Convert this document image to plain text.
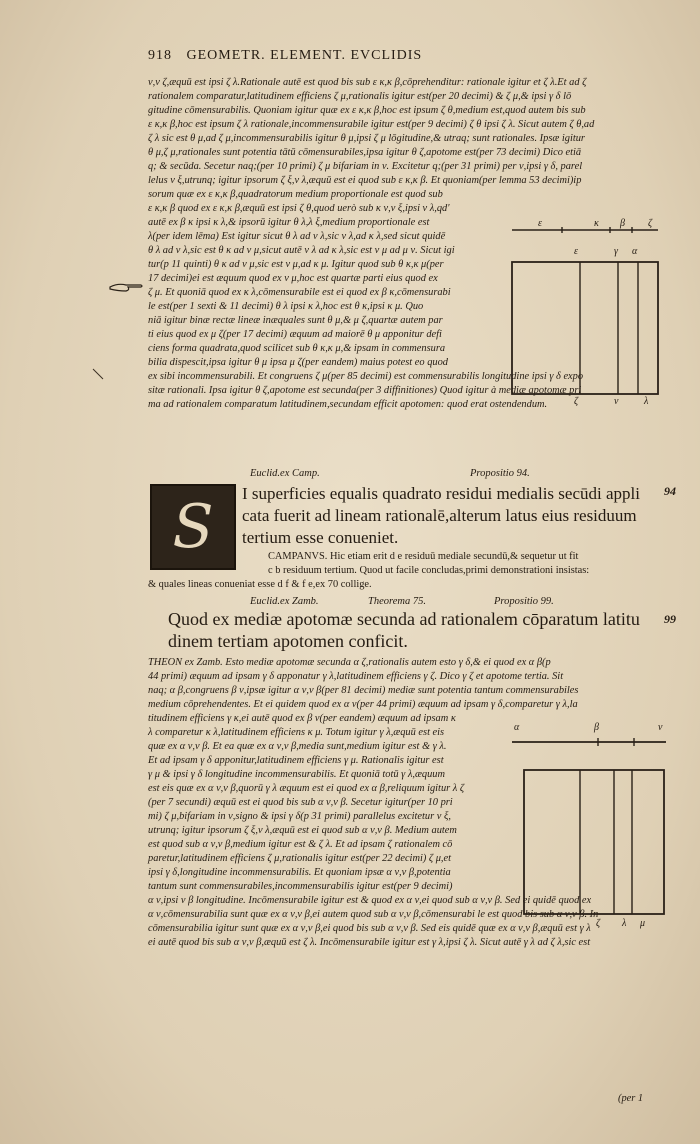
918 GEOMETR. ELEMENT. EVCLIDIS
ν,ν ζ,æquū est ipsi ζ λ.Rationale autē est quod bis sub ε κ,κ β,cōprehenditur: rationale igitur et ζ λ.Et ad ζ
rationalem comparatur,latitudinem efficiens ζ μ,rationalis igitur est(per 20 decimi) & ζ μ,& ipsi γ δ lō
gitudine cōmensurabilis. Quoniam igitur quæ ex ε κ,κ β,hoc est ipsum ζ θ,medium est,quod autem bis sub
ε κ,κ β,hoc est ipsum ζ λ rationale,incommensurabile igitur est(per 9 decimi) ζ θ ipsi ζ λ. Sicut autem ζ θ,ad
ζ λ sic est θ μ,ad ζ μ,incommensurabilis igitur θ μ,ipsi ζ μ lōgitudine,& utraq; sunt rationales. Ipsæ igitur
θ μ,ζ μ,rationales sunt potentia tātū cōmensurabiles,ipsa igitur θ ζ,apotome est(per 73 decimi) Dico etiā
q; & secūda. Secetur naq;(per 10 primi) ζ μ bifariam in ν. Excitetur q;(per 31 primi) per ν,ipsi γ δ, parel
lelus ν ξ,utrunq; igitur ipsorum ζ ξ,ν λ,æquū est ei quod sub ε κ,κ β. Et quoniam(per lemma 53 decimi)ip
sorum quæ ex ε κ,κ β,quadratorum medium proportionale est quod sub
ε κ,κ β quod ex ε κ,κ β,æquū est ipsi ζ θ,quod uerò sub κ ν,ν ξ,ipsi ν λ,qd'
autē ex β κ ipsi κ λ,& ipsorū igitur θ λ,λ ξ,medium proportionale est
λ(per idem lēma) Est igitur sicut θ λ ad ν λ,sic ν λ,ad κ λ,sed sicut quidē
θ λ ad ν λ,sic est θ κ ad ν μ,sicut autē ν λ ad κ λ,sic est ν μ ad μ ν. Sicut igi
tur(p 11 quinti) θ κ ad ν μ,sic est ν μ,ad κ μ. Igitur quod sub θ κ,κ μ(per
17 decimi)ei est æquum quod ex ν μ,hoc est quartæ parti eius quod ex
ζ μ. Et quoniā quod ex κ λ,cōmensurabile est ei quod ex β κ,cōmensurabi
le est(per 1 sexti & 11 decimi) θ λ ipsi κ λ,hoc est θ κ,ipsi κ μ. Quo
niā igitur binæ rectæ lineæ inæquales sunt θ μ,& μ ζ,quartæ autem par
ti eius quod ex μ ζ(per 17 decimi) æquum ad maiorē θ μ apponitur defi
ciens forma quadrata,quod scilicet sub θ κ,κ μ,& ipsam in commensura
bilia dispescit,ipsa igitur θ μ ipsa μ ζ(per eandem) maius potest eo quod
ex sibi incommensurabili. Et congruens ζ μ(per 85 decimi) est commensurabilis longitudine ipsi γ δ expo
sitæ rationali. Ipsa igitur θ ζ,apotome est secunda(per 3 diffinitiones) Quod igitur à mediæ apotomæ pri
ma ad rationalem comparatum latitudinem,secundam efficit apotomen: quod erat ostendendum.
Euclid.ex Camp.	Propositio 94.
ε	κ β ζ
ε	γ α
ζ	ν	λ
S I superficies equalis quadrato residui medialis secūdi appli
cata fuerit ad lineam rationalē,alterum latus eius residuum
tertium esse conueniet.
94
CAMPANVS. Hic etiam erit d e residuū mediale secundū,& sequetur ut fit
c b residuum tertium. Quod ut facile concludas,primi demonstrationi insistas:
& quales lineas conueniat esse d f & f e,ex 70 collige.
Euclid.ex Zamb.	Theorema 75.	Propositio 99.
Quod ex mediæ apotomæ secunda ad rationalem cōparatum latitu
dinem tertiam apotomen conficit.
99
THEON ex Zamb. Esto mediæ apotomæ secunda α ζ,rationalis autem esto γ δ,& ei quod ex α β(p
44 primi) æquum ad ipsam γ δ apponatur γ λ,latitudinem efficiens γ ζ. Dico γ ζ et apotome tertia. Sit
naq; α β,congruens β ν,ipsæ igitur α ν,ν β(per 81 decimi) mediæ sunt potentia tantum commensurabiles
medium cōprehendentes. Et ei quidem quod ex α ν(per 44 primi) æquum ad ipsam γ δ,comparetur γ λ,la
titudinem efficiens γ κ,ei autē quod ex β ν(per eandem) æquum ad ipsam κ
λ comparetur κ λ,latitudinem efficiens κ μ. Totum igitur γ λ,æquū est eis
quæ ex α ν,ν β. Et ea quæ ex α ν,ν β,media sunt,medium igitur est & γ λ.
Et ad ipsam γ δ apponitur,latitudinem efficiens γ μ. Rationalis igitur est
γ μ & ipsi γ δ longitudine incommensurabilis. Et quoniā totū γ λ,æquum
est eis quæ ex α ν,ν β,quorū γ λ æquum est ei quod ex α β,reliquum igitur λ ζ
(per 7 secundi) æquū est ei quod bis sub α ν,ν β. Secetur igitur(per 10 pri
mi) ζ μ,bifariam in ν,signo & ipsi γ δ(p 31 primi) parallelus excitetur ν ξ,
utrunq; igitur ipsorum ζ ξ,ν λ,æquū est ei quod sub α ν,ν β. Medium autem
est quod sub α ν,ν β,medium igitur est & ζ λ. Et ad ipsam ζ rationalem cō
paretur,latitudinem efficiens ζ μ,rationalis igitur est(per 22 decimi) ζ μ,et
ipsi γ δ,longitudine incommensurabilis. Et quoniam ipsæ α ν,ν β,potentia
tantum sunt commensurabiles,incommensurabilis igitur est(per 9 decimi)
α ν,ipsi ν β longitudine. Incōmensurabile igitur est & quod ex α ν,ei quod sub α ν,ν β. Sed ei quidē quod ex
α ν,cōmensurabilia sunt quæ ex α ν,ν β,ei autem quod sub α ν,ν β,cōmensurabi le est quod bis sub α ν,ν β. In
cōmensurabilia igitur sunt quæ ex α ν,ν β,ei quod bis sub α ν,ν β. Sed eis quidē quæ ex α ν,ν β,æquū est γ λ
ei autē quod bis sub α ν,ν β,æquū est ζ λ. Incōmensurabile igitur est γ λ,ipsi ζ λ. Sicut autē γ λ ad ζ λ,sic est
(per 1
α	β	ν
ζ λ μ
